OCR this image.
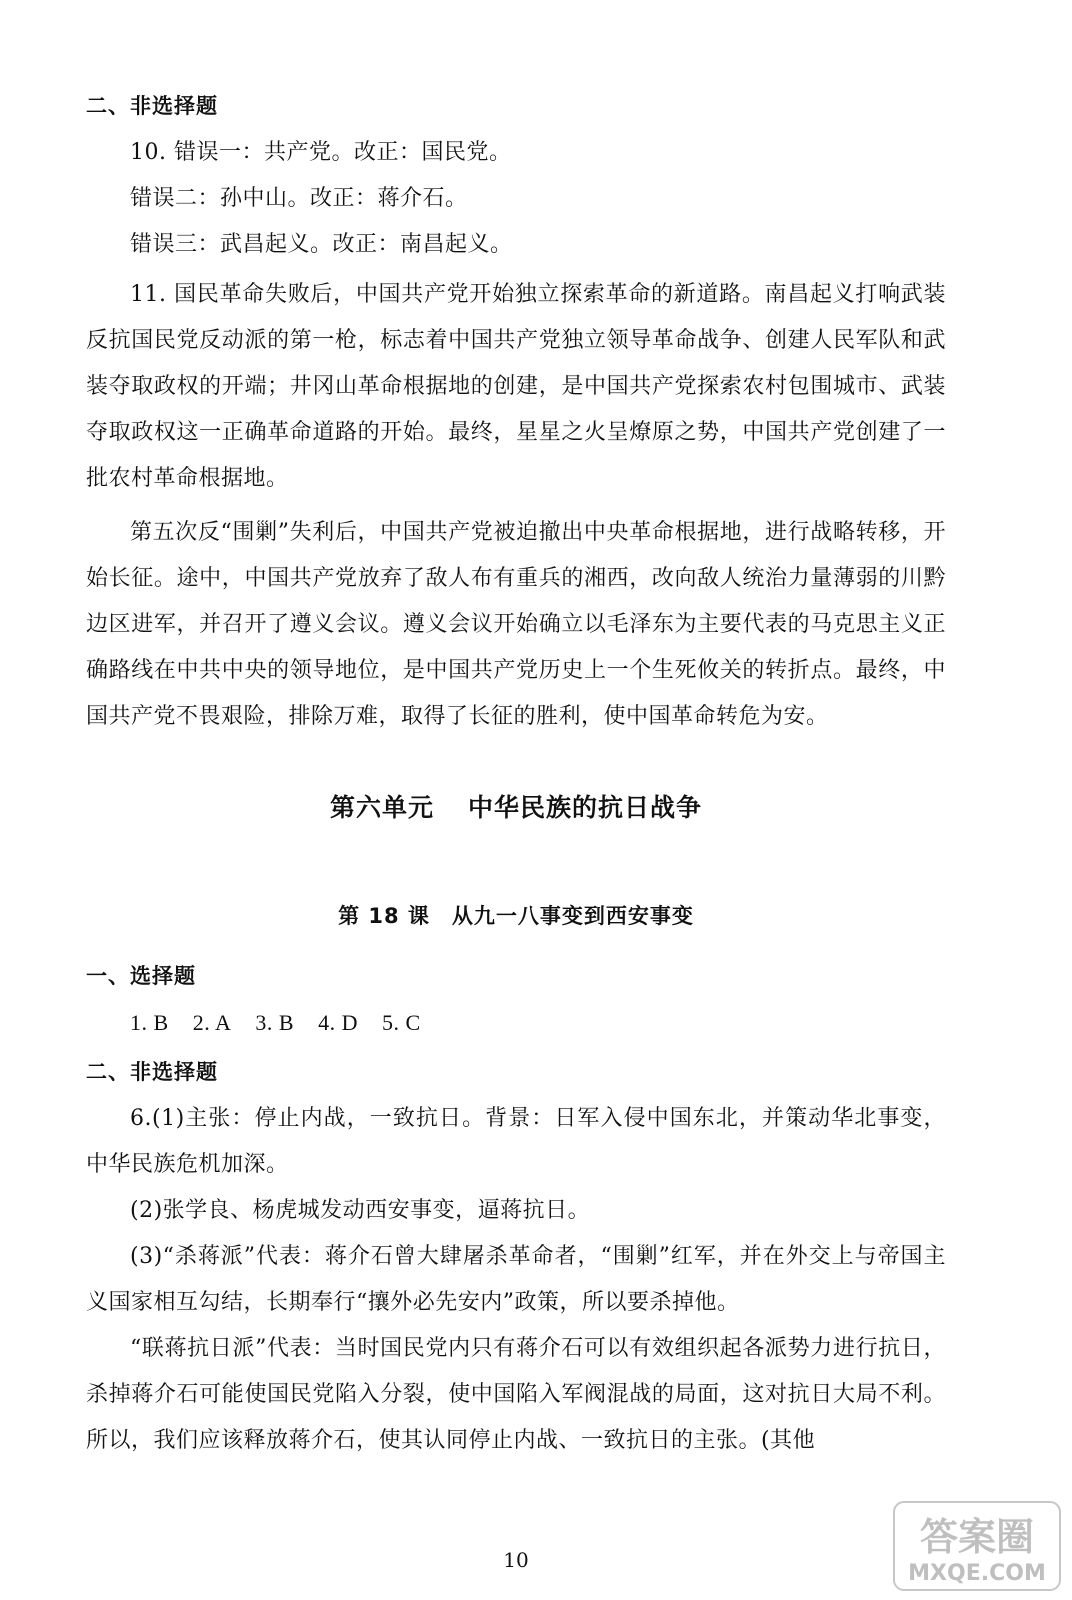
二、非选择题

10. 错误一：共产党。改正：国民党。

错误二：孙中山。改正：蒋介石。

错误三：武昌起义。改正：南昌起义。

11. 国民革命失败后，中国共产党开始独立探索革命的新道路。南昌起义打响武装反抗国民党反动派的第一枪，标志着中国共产党独立领导革命战争、创建人民军队和武装夺取政权的开端；井冈山革命根据地的创建，是中国共产党探索农村包围城市、武装夺取政权这一正确革命道路的开始。最终，星星之火呈燎原之势，中国共产党创建了一批农村革命根据地。

第五次反“围剿”失利后，中国共产党被迫撤出中央革命根据地，进行战略转移，开始长征。途中，中国共产党放弃了敌人布有重兵的湘西，改向敌人统治力量薄弱的川黔边区进军，并召开了遵义会议。遵义会议开始确立以毛泽东为主要代表的马克思主义正确路线在中共中央的领导地位，是中国共产党历史上一个生死攸关的转折点。最终，中国共产党不畏艰险，排除万难，取得了长征的胜利，使中国革命转危为安。

第六单元 中华民族的抗日战争
第 18 课 从九一八事变到西安事变
一、选择题

1. B 2. A 3. B 4. D 5. C

二、非选择题

6.(1)主张：停止内战，一致抗日。背景：日军入侵中国东北，并策动华北事变，中华民族危机加深。

(2)张学良、杨虎城发动西安事变，逼蒋抗日。

(3)“杀蒋派”代表：蒋介石曾大肆屠杀革命者，“围剿”红军，并在外交上与帝国主义国家相互勾结，长期奉行“攘外必先安内”政策，所以要杀掉他。

“联蒋抗日派”代表：当时国民党内只有蒋介石可以有效组织起各派势力进行抗日，杀掉蒋介石可能使国民党陷入分裂，使中国陷入军阀混战的局面，这对抗日大局不利。所以，我们应该释放蒋介石，使其认同停止内战、一致抗日的主张。(其他

10
答案圈
MXQE.COM
